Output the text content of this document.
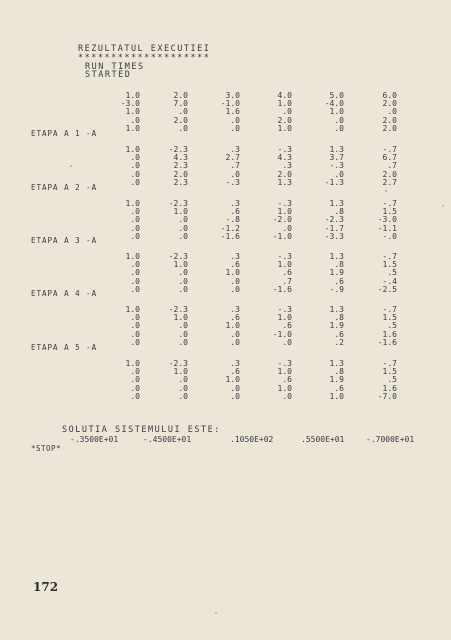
REZULTATUL EXECUTIEI
********************
RUN TIMES
STARTED
1.0	2.0	3.0	4.0	5.0	6.0
-3.0	7.0	-1.0	1.0	-4.0	2.0
1.0	.0	1.6	.0	1.0	.0
.0	2.0	.0	2.0	.0	2.0
1.0	.0	.0	1.0	.0	2.0
ETAPA A 1 -A
1.0	-2.3	.3	-.3	1.3	-.7
.0	4.3	2.7	4.3	3.7	6.7
.0	2.3	.7	.3	-.3	.7
.0	2.0	.0	2.0	.0	2.0
.0	2.3	-.3	1.3	-1.3	2.7
ETAPA A 2 -A
1.0	-2.3	.3	-.3	1.3	-.7
.0	1.0	.6	1.0	.8	1.5
.0	.0	-.8	-2.0	-2.3	-3.0
.0	.0	-1.2	.0	-1.7	-1.1
.0	.0	-1.6	-1.0	-3.3	-.0
ETAPA A 3 -A
1.0	-2.3	.3	-.3	1.3	-.7
.0	1.0	.6	1.0	.8	1.5
.0	.0	1.0	.6	1.9	.5
.0	.0	.0	.7	.6	-.4
.0	.0	.0	-1.6	-.9	-2.5
ETAPA A 4 -A
1.0	-2.3	.3	-.3	1.3	-.7
.0	1.0	.6	1.0	.8	1.5
.0	.0	1.0	.6	1.9	.5
.0	.0	.0	-1.0	.6	1.6
.0	.0	.0	.0	.2	-1.6
ETAPA A 5 -A
1.0	-2.3	.3	-.3	1.3	-.7
.0	1.0	.6	1.0	.8	1.5
.0	.0	1.0	.6	1.9	.5
.0	.0	.0	1.0	.6	1.6
.0	.0	.0	.0	1.0	-7.0
SOLUTIA SISTEMULUI ESTE:
-.3500E+01	-.4500E+01	.1050E+02	.5500E+01	-.7000E+01
*STOP*
172
